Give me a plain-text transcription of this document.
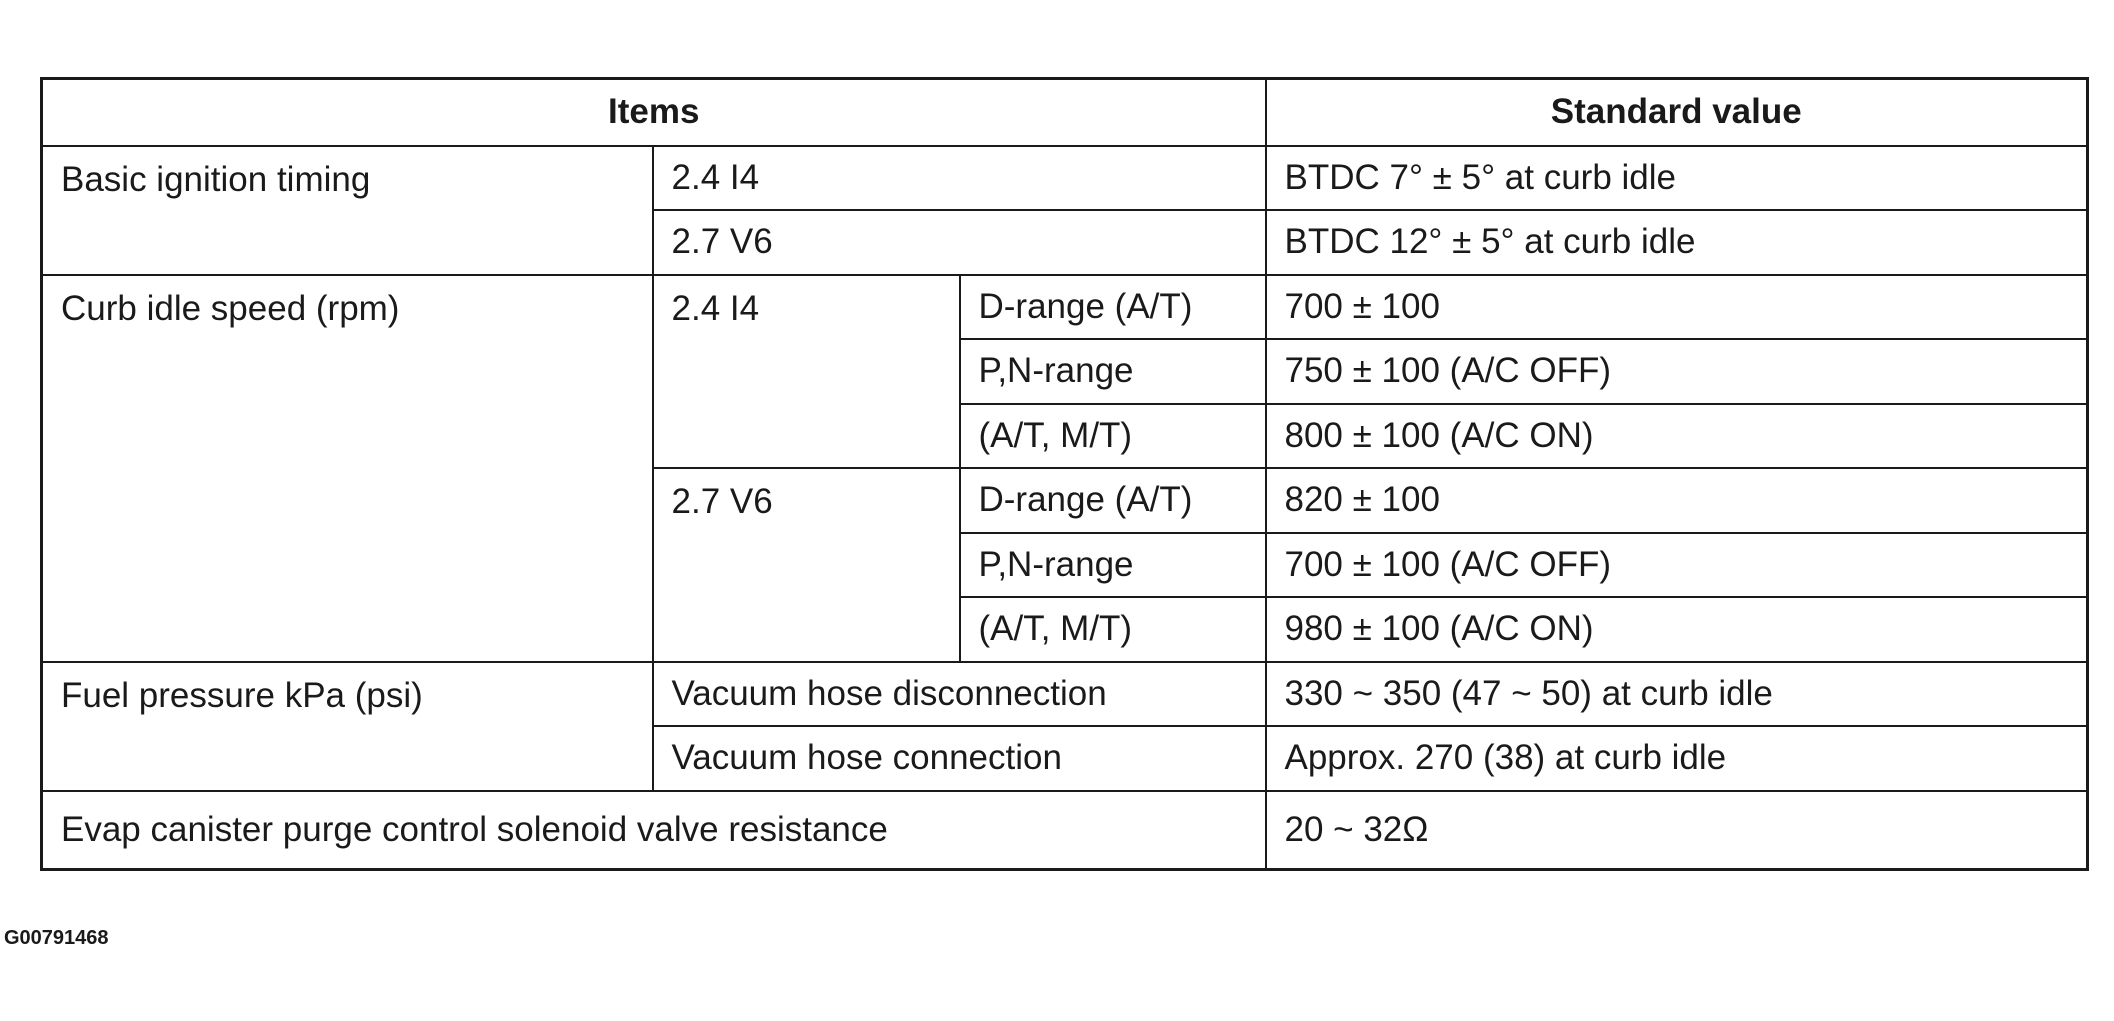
Items			Standard value
Basic ignition timing	2.4 I4		BTDC 7° ± 5° at curb idle
	2.7 V6		BTDC 12° ± 5° at curb idle
Curb idle speed (rpm)	2.4 I4	D-range (A/T)	700 ± 100
		P,N-range	750 ± 100 (A/C OFF)
		(A/T, M/T)	800 ± 100 (A/C ON)
	2.7 V6	D-range (A/T)	820 ± 100
		P,N-range	700 ± 100 (A/C OFF)
		(A/T, M/T)	980 ± 100 (A/C ON)
Fuel pressure kPa (psi)	Vacuum hose disconnection		330 ~ 350 (47 ~ 50) at curb idle
	Vacuum hose connection		Approx. 270 (38) at curb idle
Evap canister purge control solenoid valve resistance			20 ~ 32Ω
G00791468
